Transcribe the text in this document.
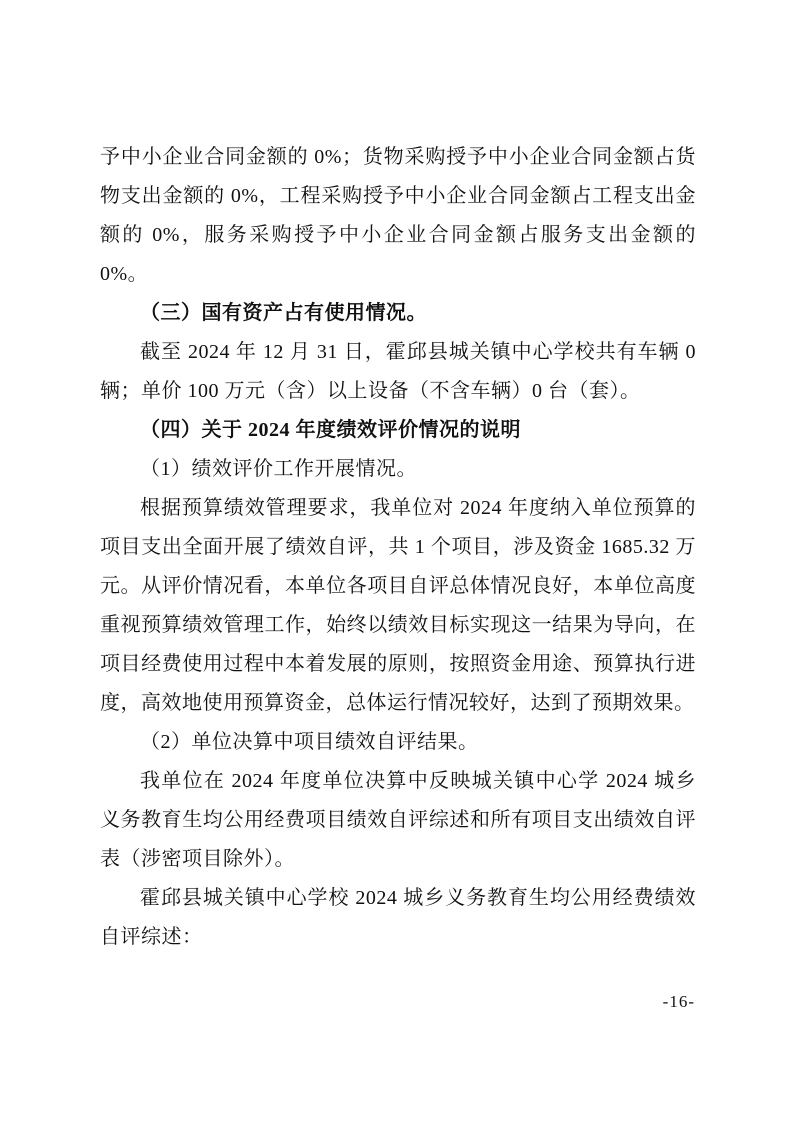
予中小企业合同金额的 0%；货物采购授予中小企业合同金额占货物支出金额的 0%，工程采购授予中小企业合同金额占工程支出金额的 0%，服务采购授予中小企业合同金额占服务支出金额的 0%。

（三）国有资产占有使用情况。

截至 2024 年 12 月 31 日，霍邱县城关镇中心学校共有车辆 0 辆；单价 100 万元（含）以上设备（不含车辆）0 台（套）。

（四）关于 2024 年度绩效评价情况的说明

（1）绩效评价工作开展情况。

根据预算绩效管理要求，我单位对 2024 年度纳入单位预算的项目支出全面开展了绩效自评，共 1 个项目，涉及资金 1685.32 万元。从评价情况看，本单位各项目自评总体情况良好，本单位高度重视预算绩效管理工作，始终以绩效目标实现这一结果为导向，在项目经费使用过程中本着发展的原则，按照资金用途、预算执行进度，高效地使用预算资金，总体运行情况较好，达到了预期效果。

（2）单位决算中项目绩效自评结果。

我单位在 2024 年度单位决算中反映城关镇中心学 2024 城乡义务教育生均公用经费项目绩效自评综述和所有项目支出绩效自评表（涉密项目除外）。

霍邱县城关镇中心学校 2024 城乡义务教育生均公用经费绩效自评综述：

-16-
